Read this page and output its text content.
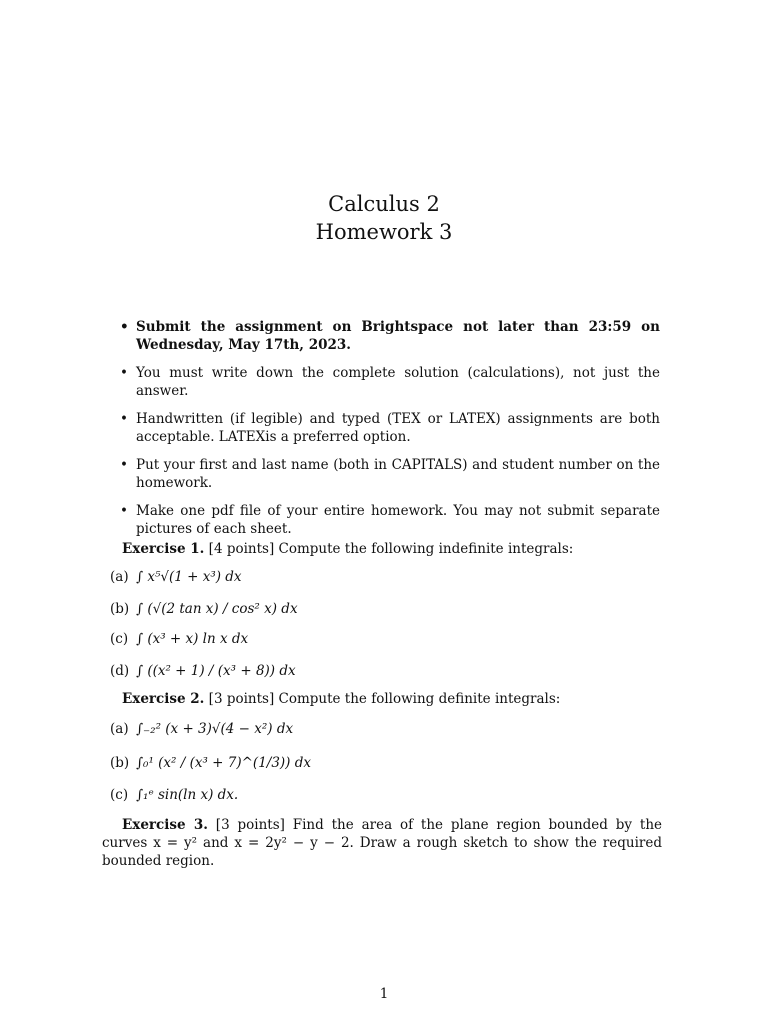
Calculus 2
Homework 3
• Submit the assignment on Brightspace not later than 23:59 on Wednesday, May 17th, 2023.
• You must write down the complete solution (calculations), not just the answer.
• Handwritten (if legible) and typed (TEX or LATEX) assignments are both acceptable. LATEXis a preferred option.
• Put your first and last name (both in CAPITALS) and student number on the homework.
• Make one pdf file of your entire homework. You may not submit separate pictures of each sheet.
Exercise 1. [4 points] Compute the following indefinite integrals:
(a) ∫ x⁵√(1 + x³) dx
(b) ∫ (√(2 tan x) / cos² x) dx
(c) ∫ (x³ + x) ln x dx
(d) ∫ ((x² + 1) / (x³ + 8)) dx
Exercise 2. [3 points] Compute the following definite integrals:
(a) ∫₋₂² (x + 3)√(4 − x²) dx
(b) ∫₀¹ (x² / (x³ + 7)^(1/3)) dx
(c) ∫₁ᵉ sin(ln x) dx.
Exercise 3. [3 points] Find the area of the plane region bounded by the curves x = y² and x = 2y² − y − 2. Draw a rough sketch to show the required bounded region.
1
